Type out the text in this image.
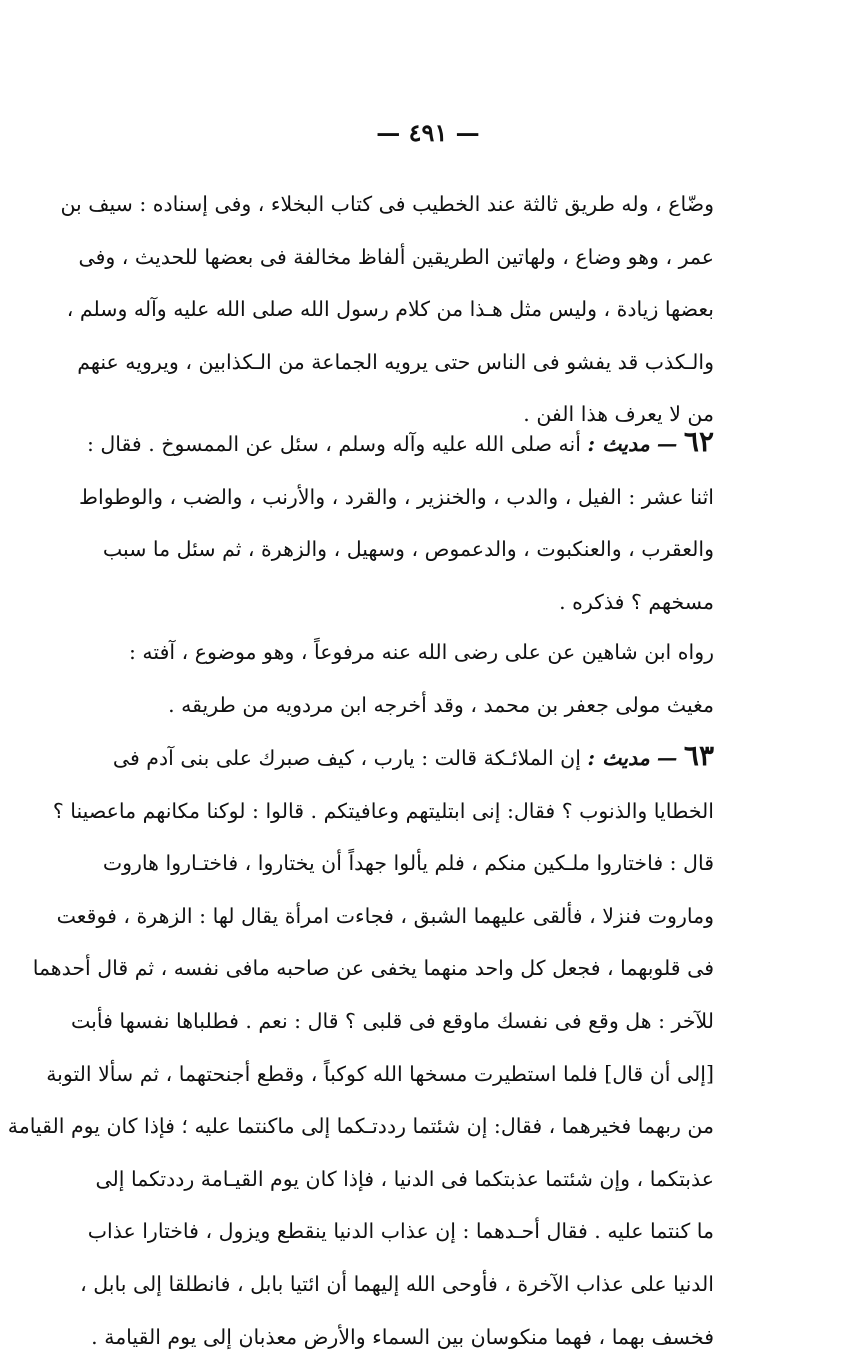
— ٤٩١ —
وضّاع ، وله طريق ثالثة عند الخطيب فى كتاب البخلاء ، وفى إسناده : سيف بن
عمر ، وهو وضاع ، ولهاتين الطريقين ألفاظ مخالفة فى بعضها للحديث ، وفى
بعضها زيادة ، وليس مثل هـذا من كلام رسول الله صلى الله عليه وآله وسلم ،
والـكذب قد يفشو فى الناس حتى يرويه الجماعة من الـكذابين ، ويرويه عنهم
من لا يعرف هذا الفن .
٦٢ — مديث : أنه صلى الله عليه وآله وسلم ، سئل عن الممسوخ . فقال :
اثنا عشر : الفيل ، والدب ، والخنزير ، والقرد ، والأرنب ، والضب ، والوطواط
والعقرب ، والعنكبوت ، والدعموص ، وسهيل ، والزهرة ، ثم سئل ما سبب
مسخهم ؟ فذكره .
رواه ابن شاهين عن على رضى الله عنه مرفوعاً ، وهو موضوع ، آفته :
مغيث مولى جعفر بن محمد ، وقد أخرجه ابن مردويه من طريقه .
٦٣ — مديث : إن الملائـكة قالت : يارب ، كيف صبرك على بنى آدم فى
الخطايا والذنوب ؟ فقال: إنى ابتليتهم وعافيتكم . قالوا : لوكنا مكانهم ماعصينا ؟
قال : فاختاروا ملـكين منكم ، فلم يألوا جهداً أن يختاروا ، فاختـاروا هاروت
وماروت فنزلا ، فألقى عليهما الشبق ، فجاءت امرأة يقال لها : الزهرة ، فوقعت
فى قلوبهما ، فجعل كل واحد منهما يخفى عن صاحبه مافى نفسه ، ثم قال أحدهما
للآخر : هل وقع فى نفسك ماوقع فى قلبى ؟ قال : نعم . فطلباها نفسها فأبت
[إلى أن قال] فلما استطيرت مسخها الله كوكباً ، وقطع أجنحتهما ، ثم سألا التوبة
من ربهما فخيرهما ، فقال: إن شئتما رددتـكما إلى ماكنتما عليه ؛ فإذا كان يوم القيامة
عذبتكما ، وإن شئتما عذبتكما فى الدنيا ، فإذا كان يوم القيـامة رددتكما إلى
ما كنتما عليه . فقال أحـدهما : إن عذاب الدنيا ينقطع ويزول ، فاختارا عذاب
الدنيا على عذاب الآخرة ، فأوحى الله إليهما أن ائتيا بابل ، فانطلقا إلى بابل ،
فخسف بهما ، فهما منكوسان بين السماء والأرض معذبان إلى يوم القيامة .
